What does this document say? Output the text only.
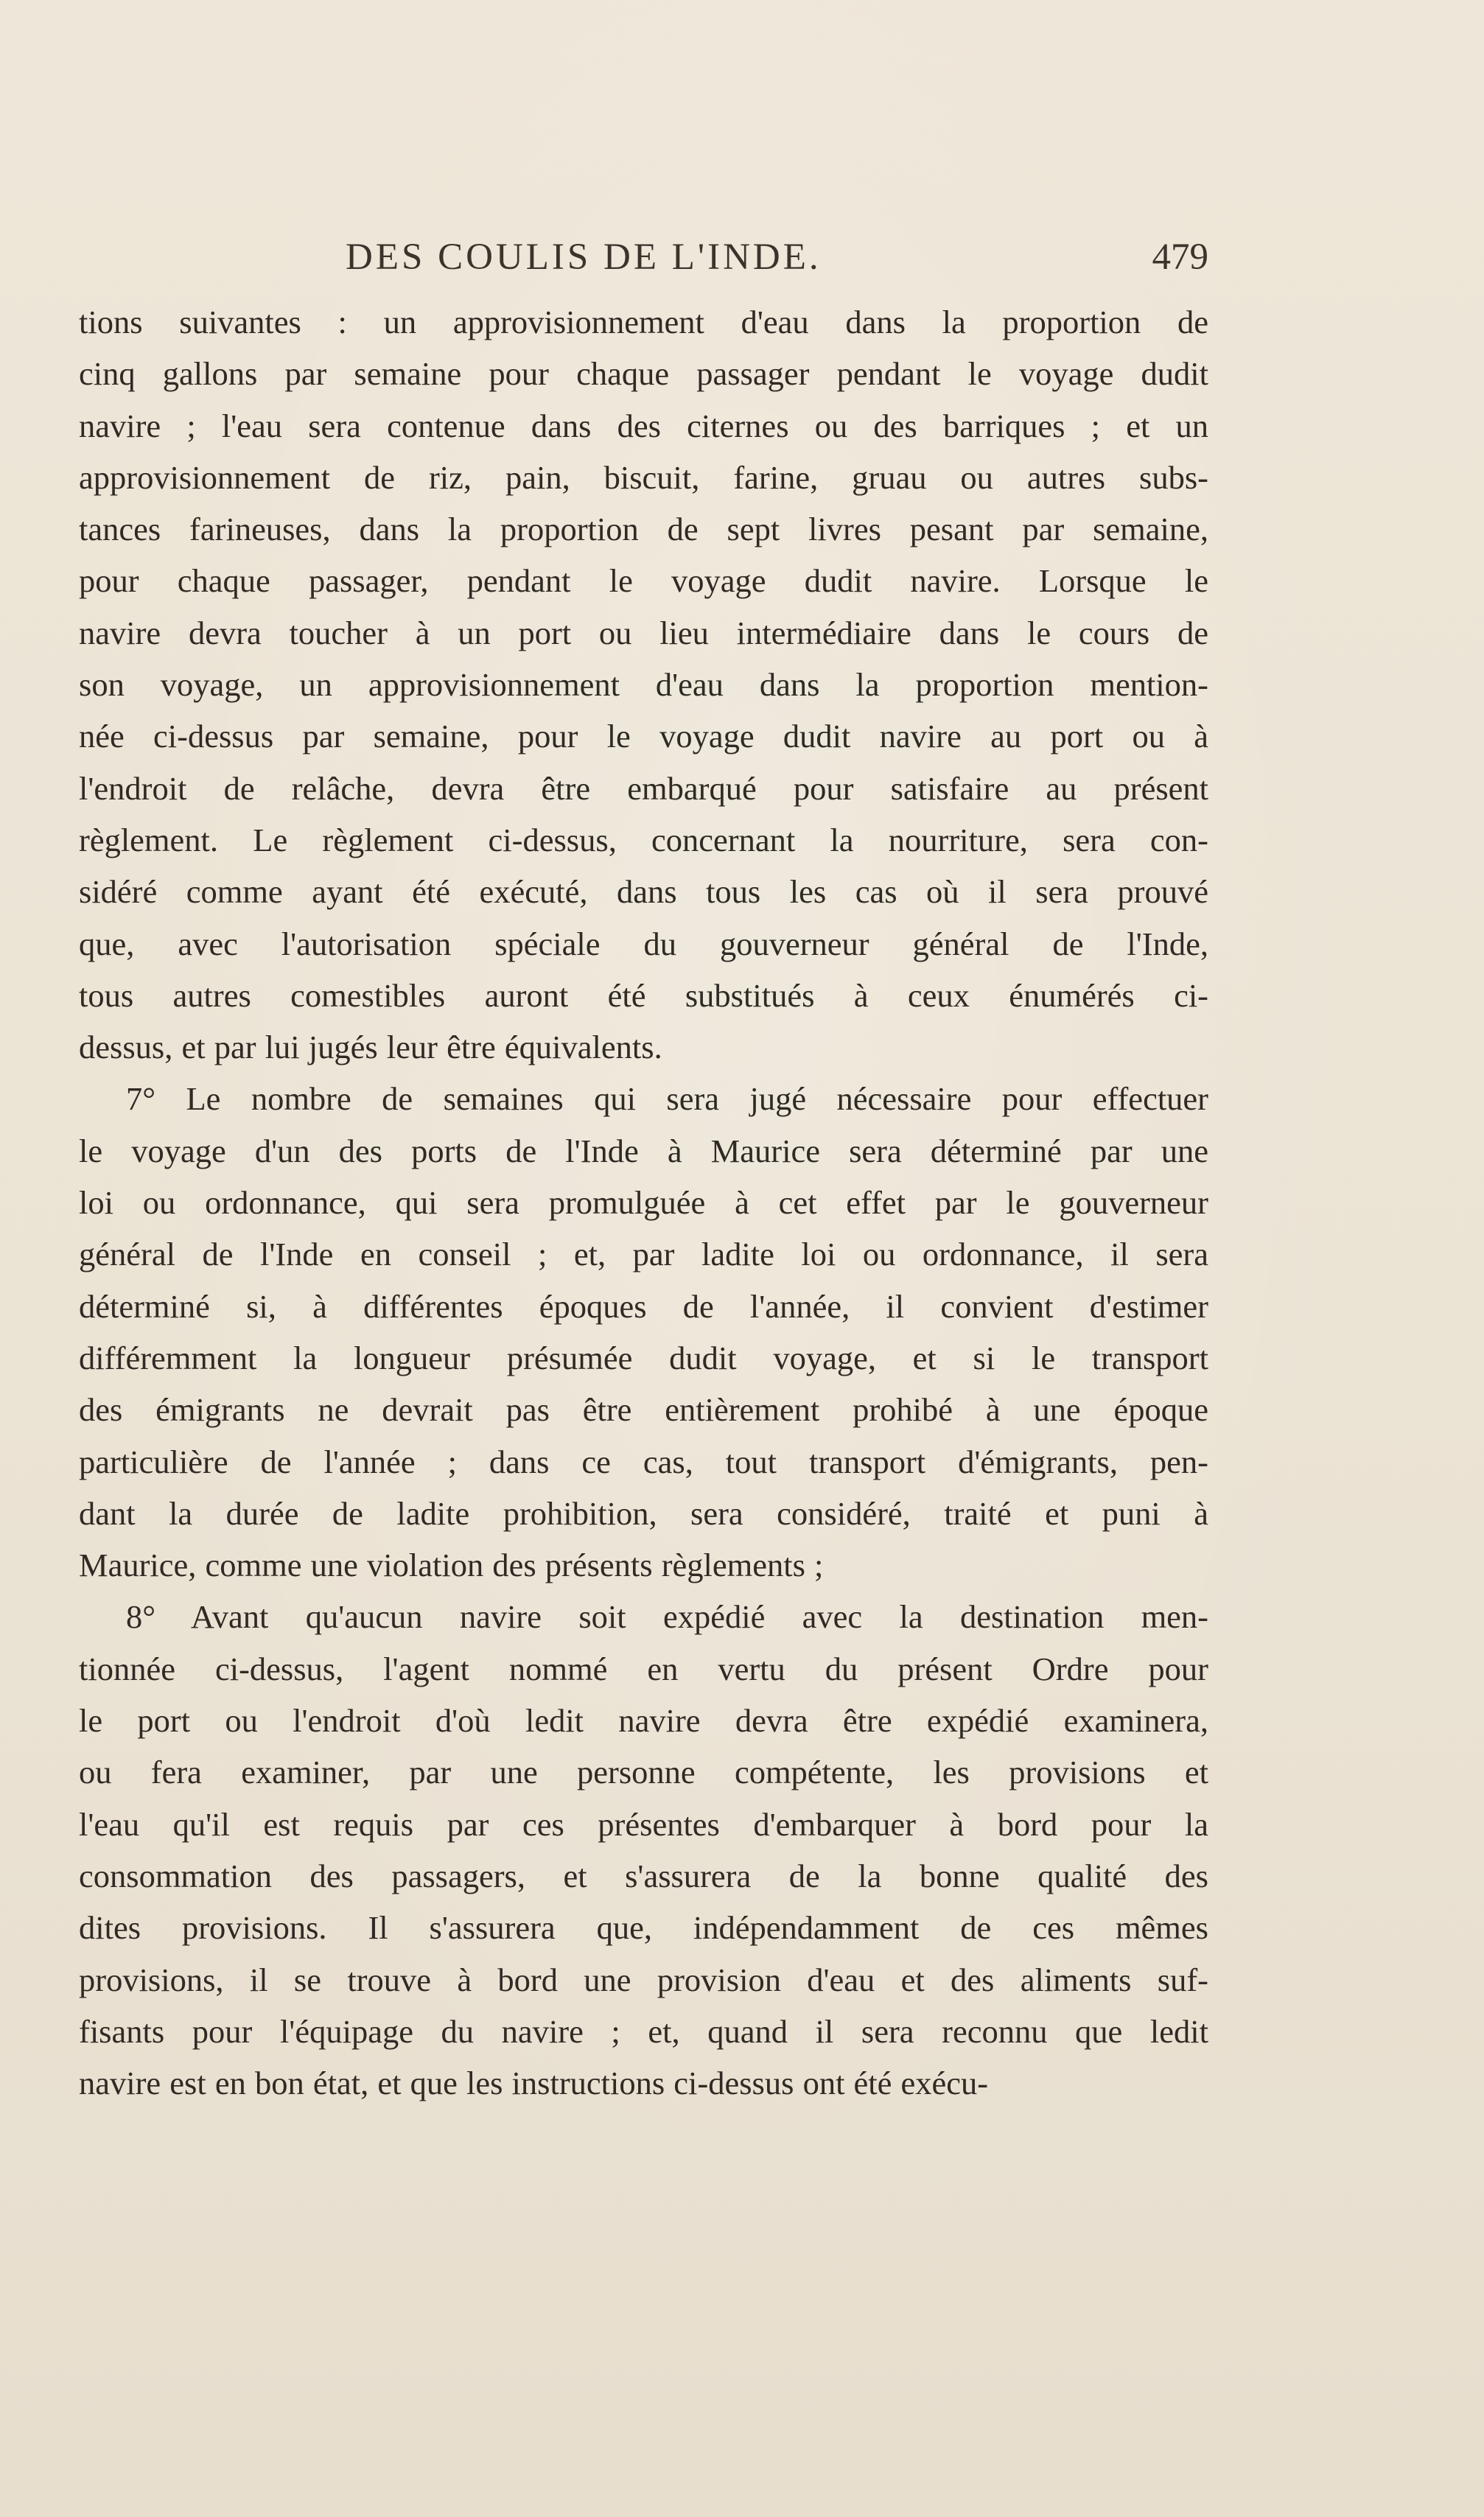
DES COULIS DE L'INDE.	479

tions suivantes : un approvisionnement d'eau dans la proportion de
cinq gallons par semaine pour chaque passager pendant le voyage dudit
navire ; l'eau sera contenue dans des citernes ou des barriques ; et un
approvisionnement de riz, pain, biscuit, farine, gruau ou autres subs-
tances farineuses, dans la proportion de sept livres pesant par semaine,
pour chaque passager, pendant le voyage dudit navire. Lorsque le
navire devra toucher à un port ou lieu intermédiaire dans le cours de
son voyage, un approvisionnement d'eau dans la proportion mention-
née ci-dessus par semaine, pour le voyage dudit navire au port ou à
l'endroit de relâche, devra être embarqué pour satisfaire au présent
règlement. Le règlement ci-dessus, concernant la nourriture, sera con-
sidéré comme ayant été exécuté, dans tous les cas où il sera prouvé
que, avec l'autorisation spéciale du gouverneur général de l'Inde,
tous autres comestibles auront été substitués à ceux énumérés ci-
dessus, et par lui jugés leur être équivalents.

7° Le nombre de semaines qui sera jugé nécessaire pour effectuer
le voyage d'un des ports de l'Inde à Maurice sera déterminé par une
loi ou ordonnance, qui sera promulguée à cet effet par le gouverneur
général de l'Inde en conseil ; et, par ladite loi ou ordonnance, il sera
déterminé si, à différentes époques de l'année, il convient d'estimer
différemment la longueur présumée dudit voyage, et si le transport
des émigrants ne devrait pas être entièrement prohibé à une époque
particulière de l'année ; dans ce cas, tout transport d'émigrants, pen-
dant la durée de ladite prohibition, sera considéré, traité et puni à
Maurice, comme une violation des présents règlements ;

8° Avant qu'aucun navire soit expédié avec la destination men-
tionnée ci-dessus, l'agent nommé en vertu du présent Ordre pour
le port ou l'endroit d'où ledit navire devra être expédié examinera,
ou fera examiner, par une personne compétente, les provisions et
l'eau qu'il est requis par ces présentes d'embarquer à bord pour la
consommation des passagers, et s'assurera de la bonne qualité des
dites provisions. Il s'assurera que, indépendamment de ces mêmes
provisions, il se trouve à bord une provision d'eau et des aliments suf-
fisants pour l'équipage du navire ; et, quand il sera reconnu que ledit
navire est en bon état, et que les instructions ci-dessus ont été exécu-
